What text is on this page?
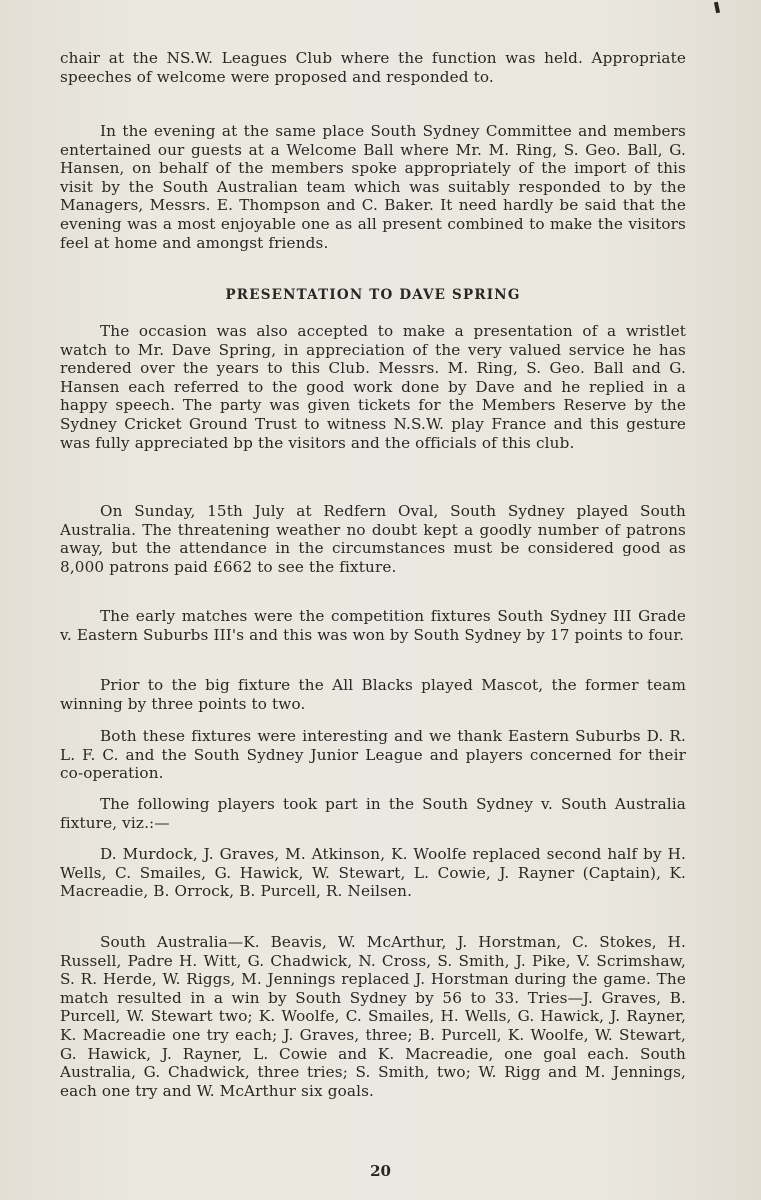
chair at the NS.W. Leagues Club where the function was held. Appropriate speeches of welcome were proposed and responded to.

In the evening at the same place South Sydney Committee and members entertained our guests at a Welcome Ball where Mr. M. Ring, S. Geo. Ball, G. Hansen, on behalf of the members spoke appropriately of the import of this visit by the South Australian team which was suitably responded to by the Managers, Messrs. E. Thompson and C. Baker. It need hardly be said that the evening was a most enjoyable one as all present combined to make the visitors feel at home and amongst friends.

PRESENTATION TO DAVE SPRING

The occasion was also accepted to make a presentation of a wristlet watch to Mr. Dave Spring, in appreciation of the very valued service he has rendered over the years to this Club. Messrs. M. Ring, S. Geo. Ball and G. Hansen each referred to the good work done by Dave and he replied in a happy speech. The party was given tickets for the Members Reserve by the Sydney Cricket Ground Trust to witness N.S.W. play France and this gesture was fully appreciated bp the visitors and the officials of this club.

On Sunday, 15th July at Redfern Oval, South Sydney played South Australia. The threatening weather no doubt kept a goodly number of patrons away, but the attendance in the circumstances must be considered good as 8,000 patrons paid £662 to see the fixture.

The early matches were the competition fixtures South Sydney III Grade v. Eastern Suburbs III's and this was won by South Sydney by 17 points to four.

Prior to the big fixture the All Blacks played Mascot, the former team winning by three points to two.

Both these fixtures were interesting and we thank Eastern Suburbs D. R. L. F. C. and the South Sydney Junior League and players concerned for their co-operation.

The following players took part in the South Sydney v. South Australia fixture, viz.:—

D. Murdock, J. Graves, M. Atkinson, K. Woolfe replaced second half by H. Wells, C. Smailes, G. Hawick, W. Stewart, L. Cowie, J. Rayner (Captain), K. Macreadie, B. Orrock, B. Purcell, R. Neilsen.

South Australia—K. Beavis, W. McArthur, J. Horstman, C. Stokes, H. Russell, Padre H. Witt, G. Chadwick, N. Cross, S. Smith, J. Pike, V. Scrimshaw, S. R. Herde, W. Riggs, M. Jennings replaced J. Horstman during the game. The match resulted in a win by South Sydney by 56 to 33. Tries—J. Graves, B. Purcell, W. Stewart two; K. Woolfe, C. Smailes, H. Wells, G. Hawick, J. Rayner, K. Macreadie one try each; J. Graves, three; B. Purcell, K. Woolfe, W. Stewart, G. Hawick, J. Rayner, L. Cowie and K. Macreadie, one goal each. South Australia, G. Chadwick, three tries; S. Smith, two; W. Rigg and M. Jennings, each one try and W. McArthur six goals.

20
